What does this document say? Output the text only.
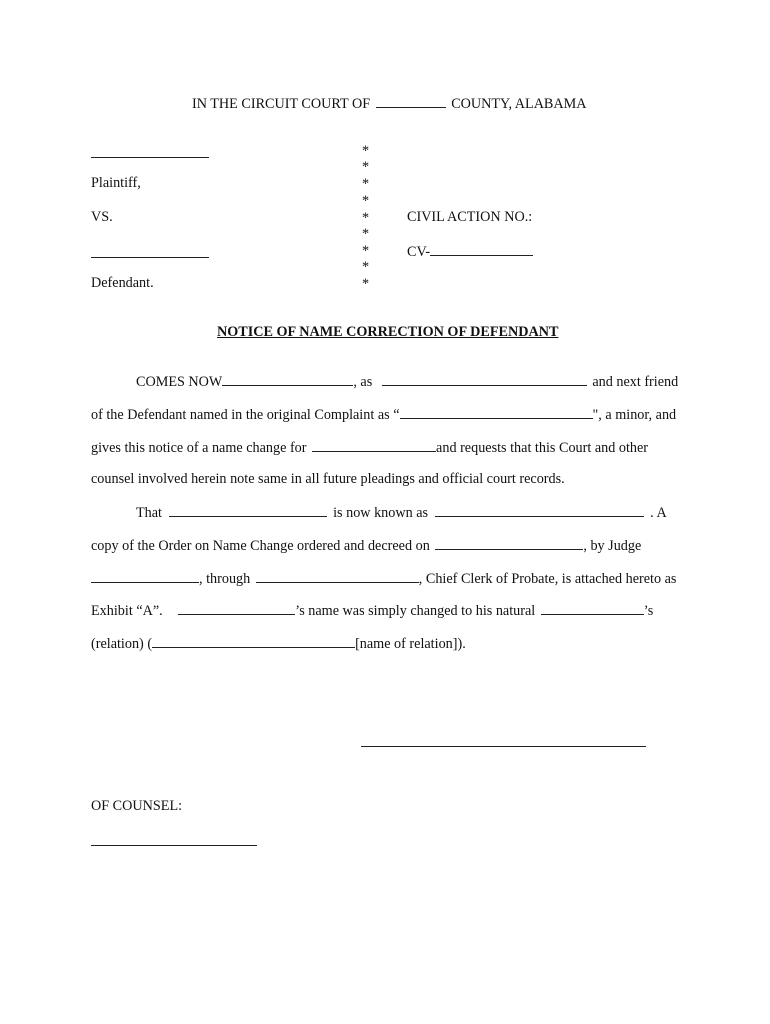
IN THE CIRCUIT COURT OF	COUNTY, ALABAMA
Plaintiff,
VS.
Defendant.
*
*
*
*
*
*
*
*
*
CIVIL ACTION NO.:
CV-
NOTICE OF NAME CORRECTION OF DEFENDANT
COMES NOW	, as	and next friend
of the Defendant named in the original Complaint as “	", a minor, and
gives this notice of a name change for	and requests that this Court and other
counsel involved herein note same in all future pleadings and official court records.
That	is now known as	. A
copy of the Order on Name Change ordered and decreed on	, by Judge
, through	, Chief Clerk of Probate, is attached hereto as
Exhibit “A”.	’s name was simply changed to his natural	’s
(relation) (	[name of relation]).
OF COUNSEL:
